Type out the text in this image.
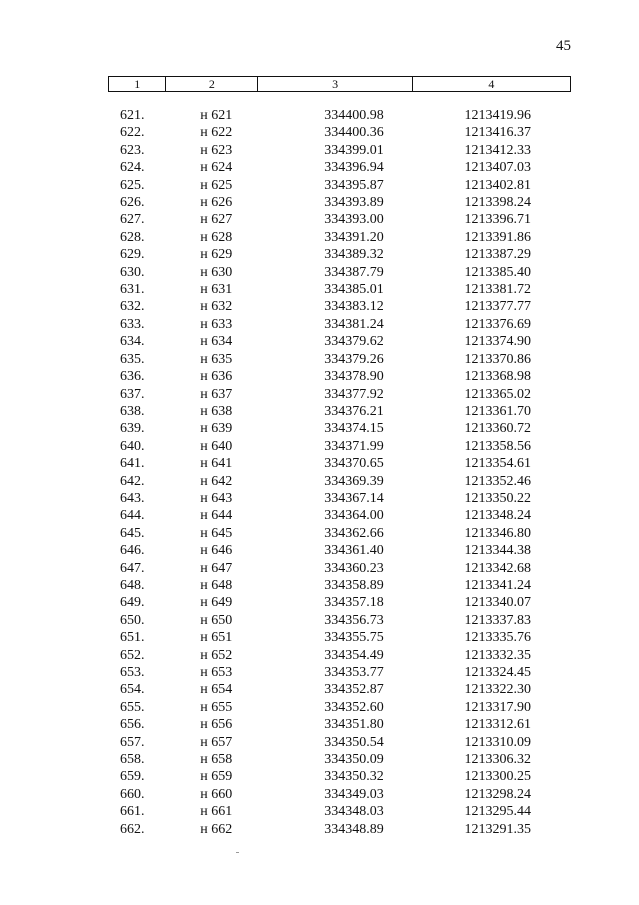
45
1	2	3	4
621.	н 621	334400.98	1213419.96
622.	н 622	334400.36	1213416.37
623.	н 623	334399.01	1213412.33
624.	н 624	334396.94	1213407.03
625.	н 625	334395.87	1213402.81
626.	н 626	334393.89	1213398.24
627.	н 627	334393.00	1213396.71
628.	н 628	334391.20	1213391.86
629.	н 629	334389.32	1213387.29
630.	н 630	334387.79	1213385.40
631.	н 631	334385.01	1213381.72
632.	н 632	334383.12	1213377.77
633.	н 633	334381.24	1213376.69
634.	н 634	334379.62	1213374.90
635.	н 635	334379.26	1213370.86
636.	н 636	334378.90	1213368.98
637.	н 637	334377.92	1213365.02
638.	н 638	334376.21	1213361.70
639.	н 639	334374.15	1213360.72
640.	н 640	334371.99	1213358.56
641.	н 641	334370.65	1213354.61
642.	н 642	334369.39	1213352.46
643.	н 643	334367.14	1213350.22
644.	н 644	334364.00	1213348.24
645.	н 645	334362.66	1213346.80
646.	н 646	334361.40	1213344.38
647.	н 647	334360.23	1213342.68
648.	н 648	334358.89	1213341.24
649.	н 649	334357.18	1213340.07
650.	н 650	334356.73	1213337.83
651.	н 651	334355.75	1213335.76
652.	н 652	334354.49	1213332.35
653.	н 653	334353.77	1213324.45
654.	н 654	334352.87	1213322.30
655.	н 655	334352.60	1213317.90
656.	н 656	334351.80	1213312.61
657.	н 657	334350.54	1213310.09
658.	н 658	334350.09	1213306.32
659.	н 659	334350.32	1213300.25
660.	н 660	334349.03	1213298.24
661.	н 661	334348.03	1213295.44
662.	н 662	334348.89	1213291.35
